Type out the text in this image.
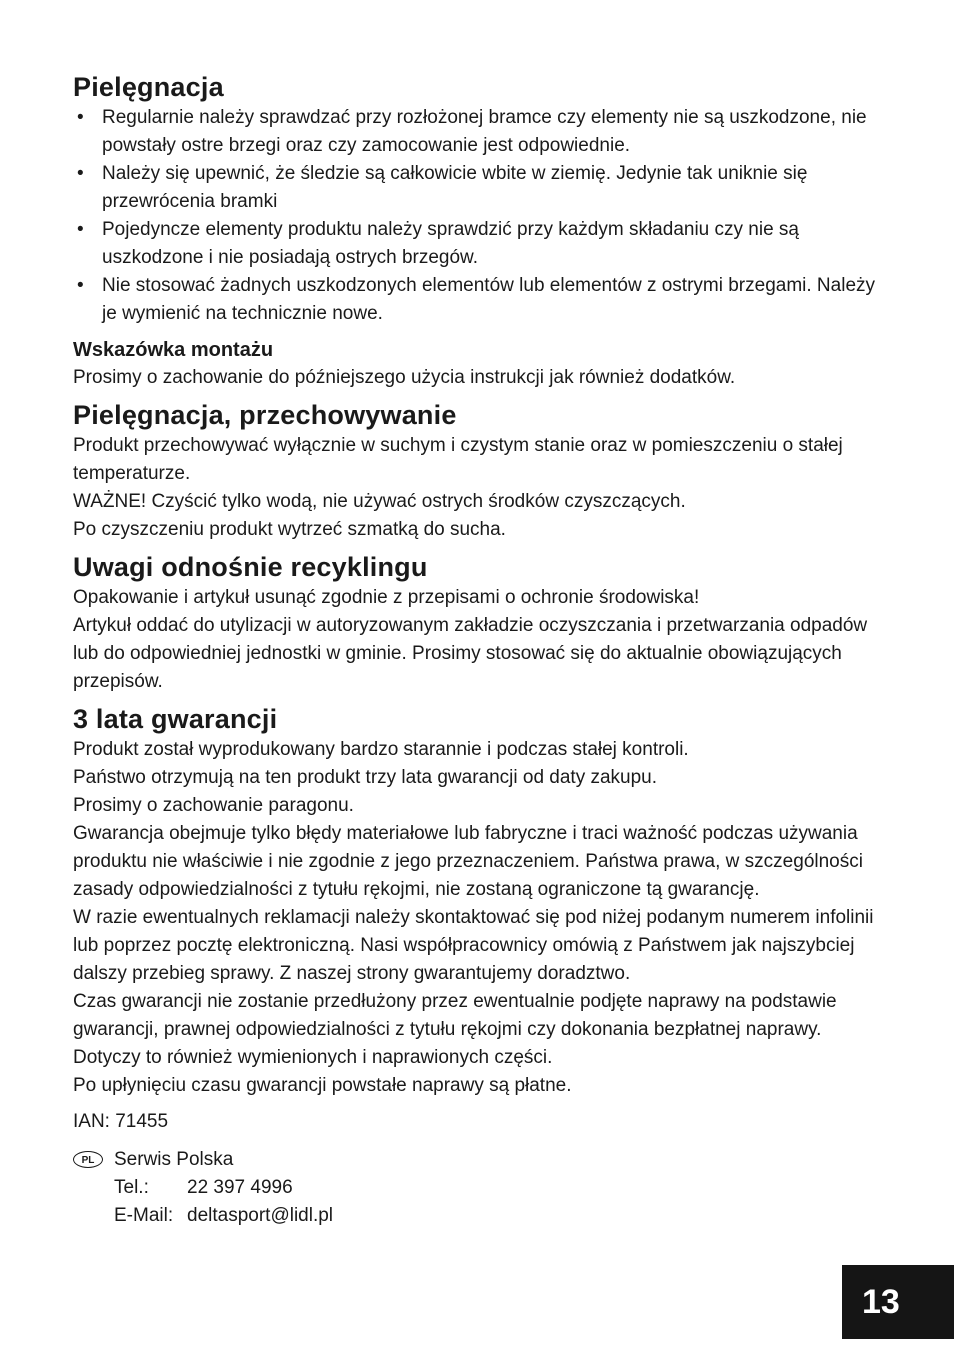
Pielęgnacja
• Regularnie należy sprawdzać przy rozłożonej bramce czy elementy nie są uszkodzone, nie powstały ostre brzegi oraz czy zamocowanie jest odpowiednie.
• Należy się upewnić, że śledzie są całkowicie wbite w ziemię. Jedynie tak uniknie się przewrócenia bramki
• Pojedyncze elementy produktu należy sprawdzić przy każdym składaniu czy nie są uszkodzone i nie posiadają ostrych brzegów.
• Nie stosować żadnych uszkodzonych elementów lub elementów z ostrymi brzegami. Należy je wymienić na technicznie nowe.
Wskazówka montażu

Prosimy o zachowanie do późniejszego użycia instrukcji jak również dodatków.

Pielęgnacja, przechowywanie

Produkt przechowywać wyłącznie w suchym i czystym stanie oraz w pomieszczeniu o stałej temperaturze.

WAŻNE! Czyścić tylko wodą, nie używać ostrych środków czyszczących.

Po czyszczeniu produkt wytrzeć szmatką do sucha.

Uwagi odnośnie recyklingu

Opakowanie i artykuł usunąć zgodnie z przepisami o ochronie środowiska!

Artykuł oddać do utylizacji w autoryzowanym zakładzie oczyszczania i przetwarzania odpadów lub do odpowiedniej jednostki w gminie. Prosimy stosować się do aktualnie obowiązujących przepisów.

3 lata gwarancji

Produkt został wyprodukowany bardzo starannie i podczas stałej kontroli.

Państwo otrzymują na ten produkt trzy lata gwarancji od daty zakupu.

Prosimy o zachowanie paragonu.

Gwarancja obejmuje tylko błędy materiałowe lub fabryczne i traci ważność podczas używania produktu nie właściwie i nie zgodnie z jego przeznaczeniem. Państwa prawa, w szczególności zasady odpowiedzialności z tytułu rękojmi, nie zostaną ograniczone tą gwarancję.

W razie ewentualnych reklamacji należy skontaktować się pod niżej podanym numerem infolinii lub poprzez pocztę elektroniczną. Nasi współpracownicy omówią z Państwem jak najszybciej dalszy przebieg sprawy. Z naszej strony gwarantujemy doradztwo.

Czas gwarancji nie zostanie przedłużony przez ewentualnie podjęte naprawy na podstawie gwarancji, prawnej odpowiedzialności z tytułu rękojmi czy dokonania bezpłatnej naprawy. Dotyczy to również wymienionych i naprawionych części.

Po upłynięciu czasu gwarancji powstałe naprawy są płatne.

IAN: 71455

PL	Serwis Polska
Tel.:	22 397 4996
E-Mail: deltasport@lidl.pl
13
